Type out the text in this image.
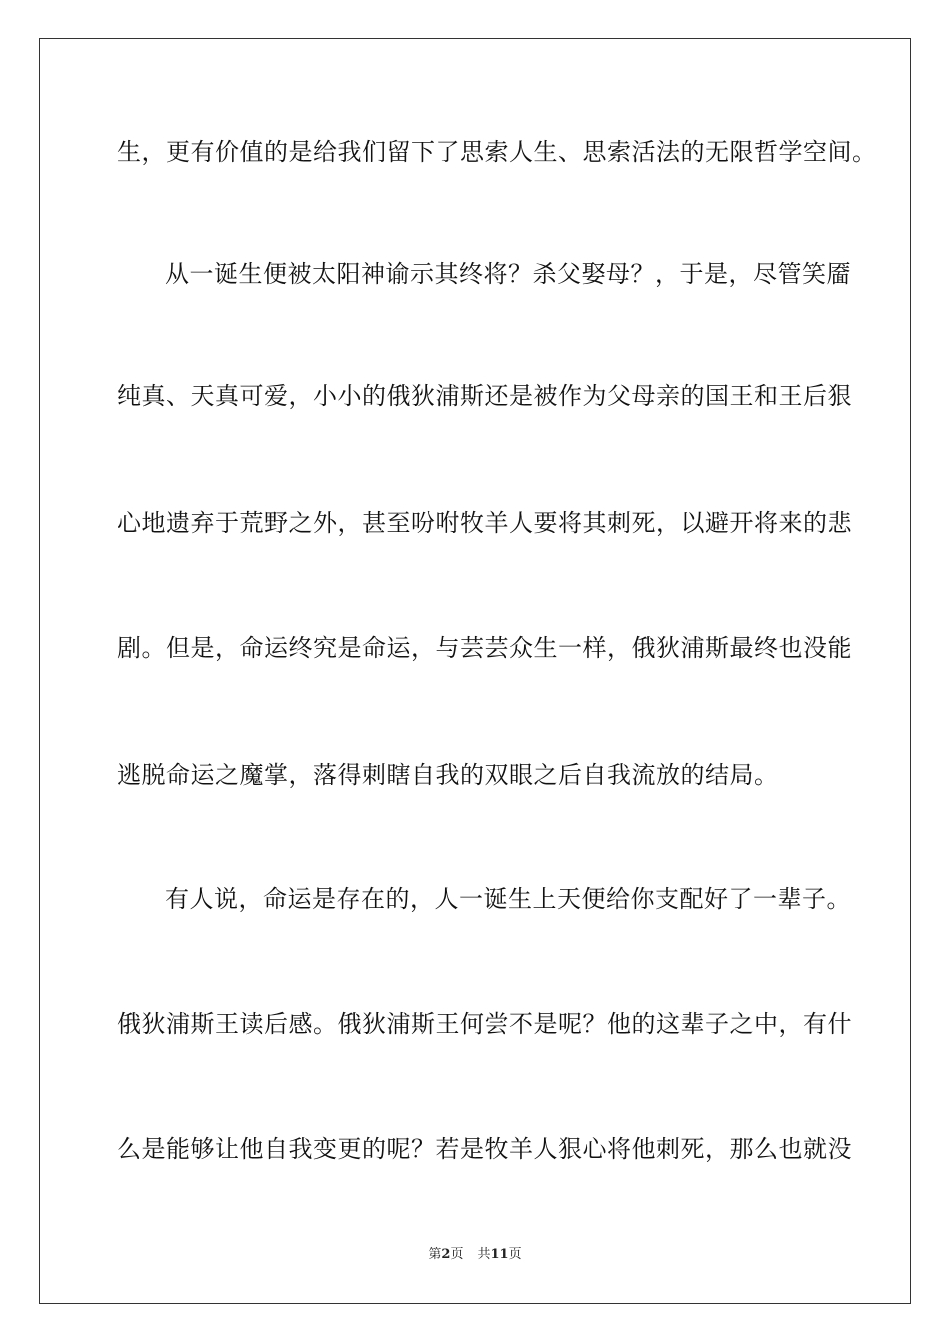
生，更有价值的是给我们留下了思索人生、思索活法的无限哲学空间。
从一诞生便被太阳神谕示其终将？杀父娶母？，于是，尽管笑靥
纯真、天真可爱，小小的俄狄浦斯还是被作为父母亲的国王和王后狠
心地遗弃于荒野之外，甚至吩咐牧羊人要将其刺死，以避开将来的悲
剧。但是，命运终究是命运，与芸芸众生一样，俄狄浦斯最终也没能
逃脱命运之魔掌，落得刺瞎自我的双眼之后自我流放的结局。
有人说，命运是存在的，人一诞生上天便给你支配好了一辈子。
俄狄浦斯王读后感。俄狄浦斯王何尝不是呢？他的这辈子之中，有什
么是能够让他自我变更的呢？若是牧羊人狠心将他刺死，那么也就没
第2页 共11页
